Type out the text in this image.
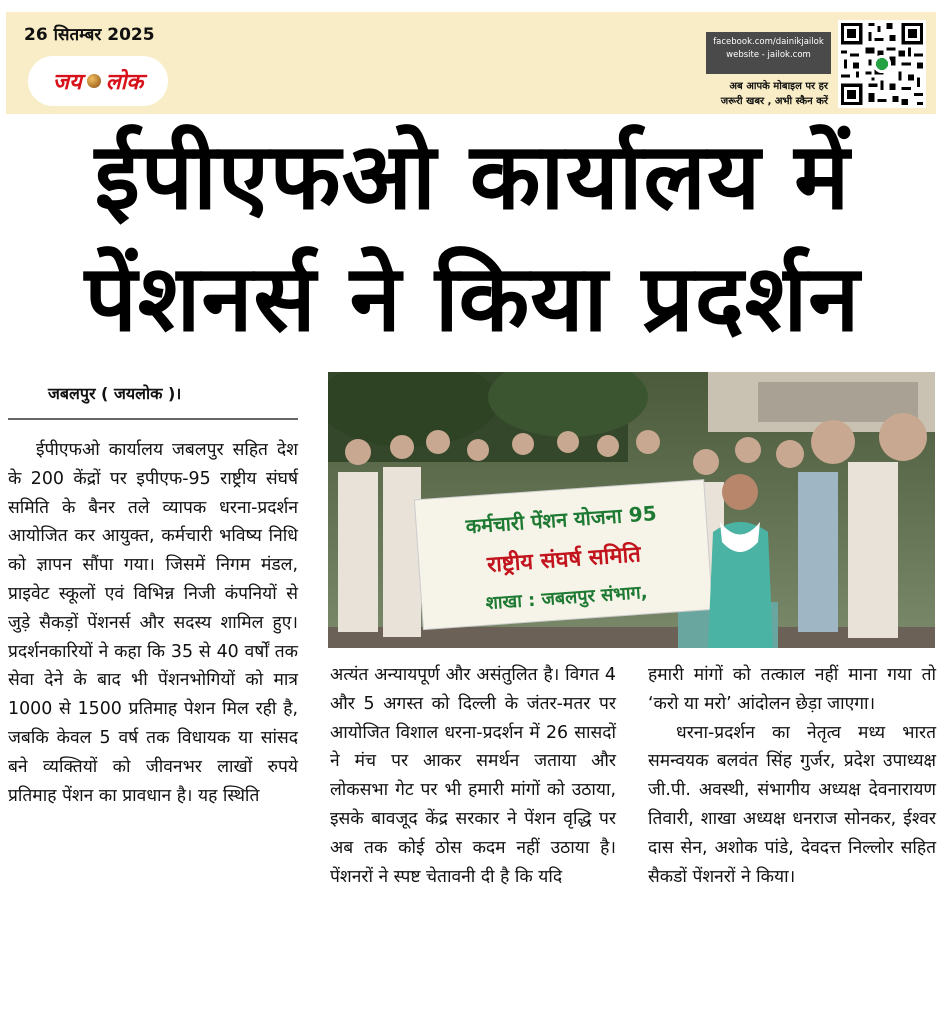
26 सितम्बर 2025
जय लोक
facebook.com/dainikjailok
website - jailok.com
अब आपके मोबाइल पर हर
जरूरी खबर , अभी स्कैन करें
ईपीएफओ कार्यालय में
पेंशनर्स ने किया प्रदर्शन
जबलपुर ( जयलोक )।

ईपीएफओ कार्यालय जबलपुर सहित देश के 200 केंद्रों पर इपीएफ-95 राष्ट्रीय संघर्ष समिति के बैनर तले व्यापक धरना-प्रदर्शन आयोजित कर आयुक्त, कर्मचारी भविष्य निधि को ज्ञापन सौंपा गया। जिसमें निगम मंडल, प्राइवेट स्कूलों एवं विभिन्न निजी कंपनियों से जुड़े सैकड़ों पेंशनर्स और सदस्य शामिल हुए। प्रदर्शनकारियों ने कहा कि 35 से 40 वर्षों तक सेवा देने के बाद भी पेंशनभोगियों को मात्र 1000 से 1500 प्रतिमाह पेशन मिल रही है, जबकि केवल 5 वर्ष तक विधायक या सांसद बने व्यक्तियों को जीवनभर लाखों रुपये प्रतिमाह पेंशन का प्रावधान है। यह स्थिति

कर्मचारी पेंशन योजना 95
राष्ट्रीय संघर्ष समिति
शाखा : जबलपुर संभाग,

अत्यंत अन्यायपूर्ण और असंतुलित है। विगत 4 और 5 अगस्त को दिल्ली के जंतर-मतर पर आयोजित विशाल धरना-प्रदर्शन में 26 सासदों ने मंच पर आकर समर्थन जताया और लोकसभा गेट पर भी हमारी मांगों को उठाया, इसके बावजूद केंद्र सरकार ने पेंशन वृद्धि पर अब तक कोई ठोस कदम नहीं उठाया है। पेंशनरों ने स्पष्ट चेतावनी दी है कि यदि

हमारी मांगों को तत्काल नहीं माना गया तो ‘करो या मरो’ आंदोलन छेड़ा जाएगा।

धरना-प्रदर्शन का नेतृत्व मध्य भारत समन्वयक बलवंत सिंह गुर्जर, प्रदेश उपाध्यक्ष जी.पी. अवस्थी, संभागीय अध्यक्ष देवनारायण तिवारी, शाखा अध्यक्ष धनराज सोनकर, ईश्वर दास सेन, अशोक पांडे, देवदत्त निल्लोर सहित सैकडों पेंशनरों ने किया।
